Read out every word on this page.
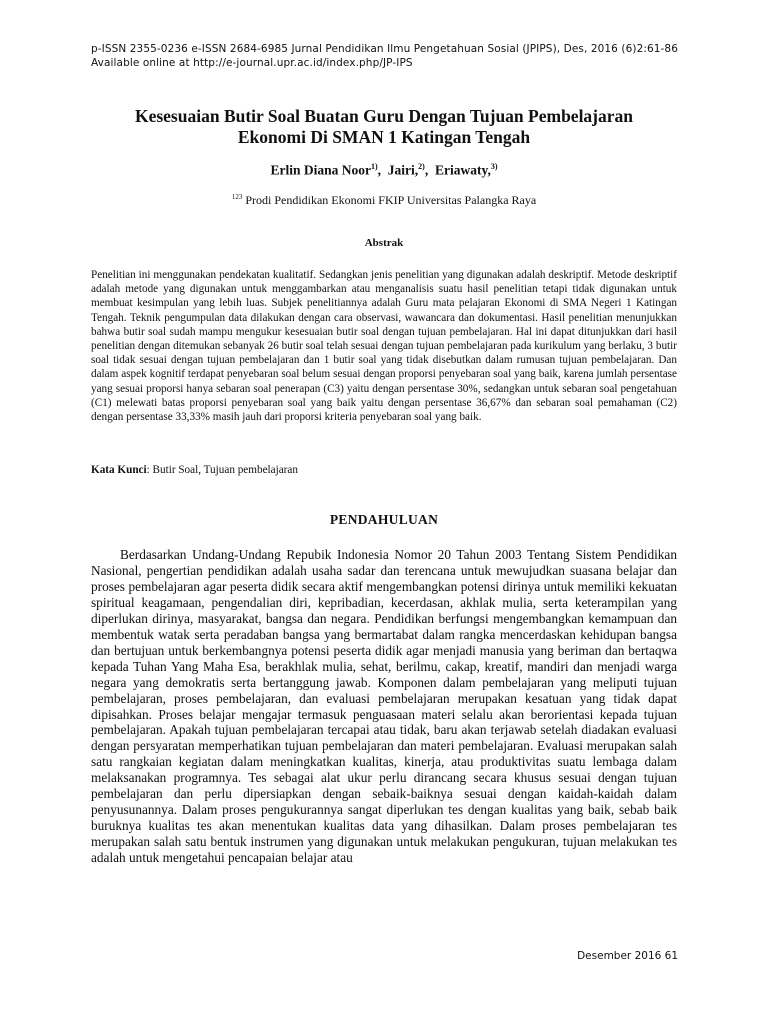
p-ISSN 2355-0236 e-ISSN 2684-6985 Jurnal Pendidikan Ilmu Pengetahuan Sosial (JPIPS), Des, 2016 (6)2:61-86
Available online at http://e-journal.upr.ac.id/index.php/JP-IPS
Kesesuaian Butir Soal Buatan Guru Dengan Tujuan Pembelajaran
Ekonomi Di SMAN 1 Katingan Tengah
Erlin Diana Noor$^{1)}$,  Jairi,$^{2)}$,  Eriawaty,$^{3)}$
$^{123}$ Prodi Pendidikan Ekonomi FKIP Universitas Palangka Raya
Abstrak
Penelitian ini menggunakan pendekatan kualitatif. Sedangkan jenis penelitian yang digunakan adalah deskriptif. Metode deskriptif adalah metode yang digunakan untuk menggambarkan atau menganalisis suatu hasil penelitian tetapi tidak digunakan untuk membuat kesimpulan yang lebih luas. Subjek penelitiannya adalah Guru mata pelajaran Ekonomi di SMA Negeri 1 Katingan Tengah. Teknik pengumpulan data dilakukan dengan cara observasi, wawancara dan dokumentasi. Hasil penelitian menunjukkan bahwa butir soal sudah mampu mengukur kesesuaian butir soal dengan tujuan pembelajaran. Hal ini dapat ditunjukkan dari hasil penelitian dengan ditemukan sebanyak 26 butir soal telah sesuai dengan tujuan pembelajaran pada kurikulum yang berlaku, 3 butir soal tidak sesuai dengan tujuan pembelajaran dan 1 butir soal yang tidak disebutkan dalam rumusan tujuan pembelajaran. Dan dalam aspek kognitif terdapat penyebaran soal belum sesuai dengan proporsi penyebaran soal yang baik, karena jumlah persentase yang sesuai proporsi hanya sebaran soal penerapan (C3) yaitu dengan persentase 30%, sedangkan untuk sebaran soal pengetahuan (C1) melewati batas proporsi penyebaran soal yang baik yaitu dengan persentase 36,67% dan sebaran soal pemahaman (C2) dengan persentase 33,33% masih jauh dari proporsi kriteria penyebaran soal yang baik.
Kata Kunci: Butir Soal, Tujuan pembelajaran
PENDAHULUAN
Berdasarkan Undang-Undang Repubik Indonesia Nomor 20 Tahun 2003 Tentang Sistem Pendidikan Nasional, pengertian pendidikan adalah usaha sadar dan terencana untuk mewujudkan suasana belajar dan proses pembelajaran agar peserta didik secara aktif mengembangkan potensi dirinya untuk memiliki kekuatan spiritual keagamaan, pengendalian diri, kepribadian, kecerdasan, akhlak mulia, serta keterampilan yang diperlukan dirinya, masyarakat, bangsa dan negara. Pendidikan berfungsi mengembangkan kemampuan dan membentuk watak serta peradaban bangsa yang bermartabat dalam rangka mencerdaskan kehidupan bangsa dan bertujuan untuk berkembangnya potensi peserta didik agar menjadi manusia yang beriman dan bertaqwa kepada Tuhan Yang Maha Esa, berakhlak mulia, sehat, berilmu, cakap, kreatif, mandiri dan menjadi warga negara yang demokratis serta bertanggung jawab. Komponen dalam pembelajaran yang meliputi tujuan pembelajaran, proses pembelajaran, dan evaluasi pembelajaran merupakan kesatuan yang tidak dapat dipisahkan. Proses belajar mengajar termasuk penguasaan materi selalu akan berorientasi kepada tujuan pembelajaran. Apakah tujuan pembelajaran tercapai atau tidak, baru akan terjawab setelah diadakan evaluasi dengan persyaratan memperhatikan tujuan pembelajaran dan materi pembelajaran. Evaluasi merupakan salah satu rangkaian kegiatan dalam meningkatkan kualitas, kinerja, atau produktivitas suatu lembaga dalam melaksanakan programnya. Tes sebagai alat ukur perlu dirancang secara khusus sesuai dengan tujuan pembelajaran dan perlu dipersiapkan dengan sebaik-baiknya sesuai dengan kaidah-kaidah dalam penyusunannya. Dalam proses pengukurannya sangat diperlukan tes dengan kualitas yang baik, sebab baik buruknya kualitas tes akan menentukan kualitas data yang dihasilkan. Dalam proses pembelajaran tes merupakan salah satu bentuk instrumen yang digunakan untuk melakukan pengukuran, tujuan melakukan tes adalah untuk mengetahui pencapaian belajar atau
Desember 2016 61
